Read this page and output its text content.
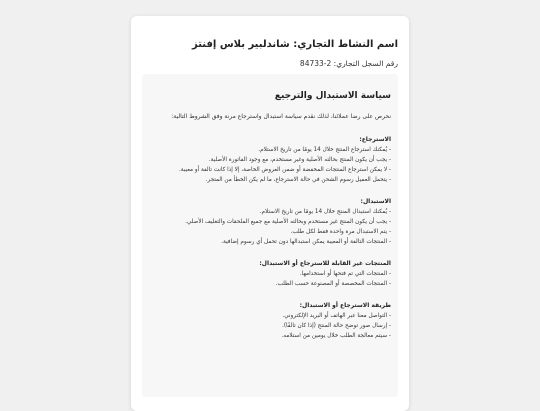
اسم النشاط التجاري: شاندلبير بلاس إفنتز
رقم السجل التجاري: 2-84733
سياسة الاستبدال والترجيع
نحرص على رضا عملائنا، لذلك نقدم سياسة استبدال واسترجاع مرنة وفق الشروط التالية:
الاسترجاع:
- يُمكنك استرجاع المنتج خلال 14 يومًا من تاريخ الاستلام.
- يجب أن يكون المنتج بحالته الأصلية وغير مستخدم، مع وجود الفاتورة الأصلية.
- لا يمكن استرجاع المنتجات المخفضة أو ضمن العروض الخاصة، إلا إذا كانت تالفة أو معيبة.
- يتحمل العميل رسوم الشحن في حالة الاسترجاع، ما لم يكن الخطأ من المتجر.
الاستبدال:
- يُمكنك استبدال المنتج خلال 14 يومًا من تاريخ الاستلام.
- يجب أن يكون المنتج غير مستخدم وبحالته الأصلية مع جميع الملحقات والتغليف الأصلي.
- يتم الاستبدال مرة واحدة فقط لكل طلب.
- المنتجات التالفة أو المعيبة يمكن استبدالها دون تحمل أي رسوم إضافية.
المنتجات غير القابلة للاسترجاع أو الاستبدال:
- المنتجات التي تم فتحها أو استخدامها.
- المنتجات المخصصة أو المصنوعة حسب الطلب.
طريقة الاسترجاع أو الاستبدال:
- التواصل معنا عبر الهاتف أو البريد الإلكتروني.
- إرسال صور توضح حالة المنتج (إذا كان تالفًا).
- سيتم معالجة الطلب خلال يومين من استلامه.
